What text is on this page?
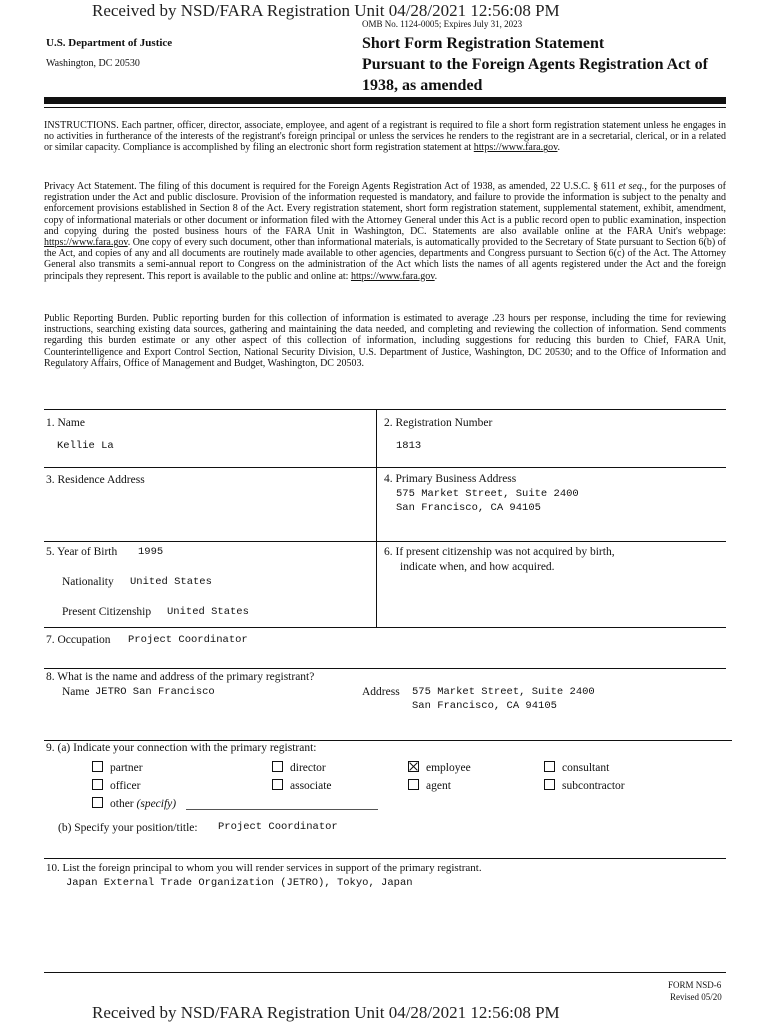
Received by NSD/FARA Registration Unit 04/28/2021 12:56:08 PM
OMB No. 1124-0005; Expires July 31, 2023
U.S. Department of Justice
Washington, DC 20530
Short Form Registration Statement
Pursuant to the Foreign Agents Registration Act of
1938, as amended
INSTRUCTIONS. Each partner, officer, director, associate, employee, and agent of a registrant is required to file a short form registration statement unless he engages in no activities in furtherance of the interests of the registrant's foreign principal or unless the services he renders to the registrant are in a secretarial, clerical, or in a related or similar capacity. Compliance is accomplished by filing an electronic short form registration statement at https://www.fara.gov.
Privacy Act Statement. The filing of this document is required for the Foreign Agents Registration Act of 1938, as amended, 22 U.S.C. § 611 et seq., for the purposes of registration under the Act and public disclosure. Provision of the information requested is mandatory, and failure to provide the information is subject to the penalty and enforcement provisions established in Section 8 of the Act. Every registration statement, short form registration statement, supplemental statement, exhibit, amendment, copy of informational materials or other document or information filed with the Attorney General under this Act is a public record open to public examination, inspection and copying during the posted business hours of the FARA Unit in Washington, DC. Statements are also available online at the FARA Unit's webpage: https://www.fara.gov. One copy of every such document, other than informational materials, is automatically provided to the Secretary of State pursuant to Section 6(b) of the Act, and copies of any and all documents are routinely made available to other agencies, departments and Congress pursuant to Section 6(c) of the Act. The Attorney General also transmits a semi-annual report to Congress on the administration of the Act which lists the names of all agents registered under the Act and the foreign principals they represent. This report is available to the public and online at: https://www.fara.gov.
Public Reporting Burden. Public reporting burden for this collection of information is estimated to average .23 hours per response, including the time for reviewing instructions, searching existing data sources, gathering and maintaining the data needed, and completing and reviewing the collection of information. Send comments regarding this burden estimate or any other aspect of this collection of information, including suggestions for reducing this burden to Chief, FARA Unit, Counterintelligence and Export Control Section, National Security Division, U.S. Department of Justice, Washington, DC 20530; and to the Office of Information and Regulatory Affairs, Office of Management and Budget, Washington, DC 20503.
1. Name
Kellie La
2. Registration Number
1813
3. Residence Address	4. Primary Business Address
575 Market Street, Suite 2400
San Francisco, CA 94105
5. Year of Birth 1995
Nationality United States
Present Citizenship United States
6. If present citizenship was not acquired by birth,
indicate when, and how acquired.
7. Occupation Project Coordinator
8. What is the name and address of the primary registrant?
Name JETRO San Francisco	Address 575 Market Street, Suite 2400
San Francisco, CA 94105
9. (a) Indicate your connection with the primary registrant:
partner	director	employee	consultant
officer	associate	agent	subcontractor
other (specify)
(b) Specify your position/title: Project Coordinator
10. List the foreign principal to whom you will render services in support of the primary registrant.
Japan External Trade Organization (JETRO), Tokyo, Japan
FORM NSD-6
Revised 05/20
Received by NSD/FARA Registration Unit 04/28/2021 12:56:08 PM
